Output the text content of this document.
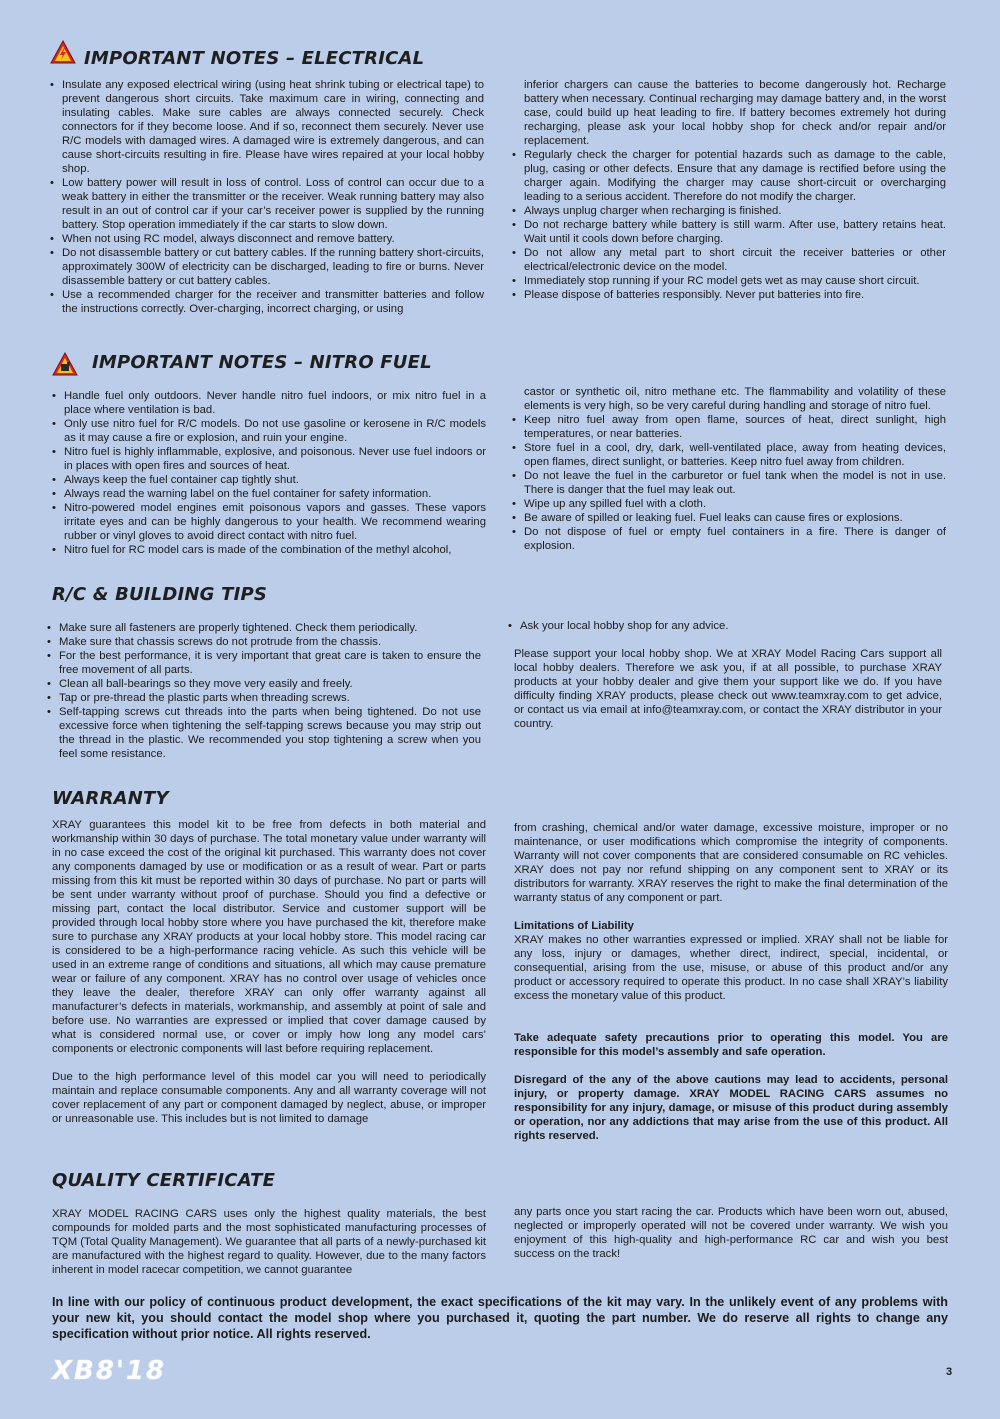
IMPORTANT NOTES – ELECTRICAL
• Insulate any exposed electrical wiring (using heat shrink tubing or electrical tape) to prevent dangerous short circuits. Take maximum care in wiring, connecting and insulating cables. Make sure cables are always connected securely. Check connectors for if they become loose. And if so, reconnect them securely. Never use R/C models with damaged wires. A damaged wire is extremely dangerous, and can cause short-circuits resulting in fire. Please have wires repaired at your local hobby shop.
• Low battery power will result in loss of control. Loss of control can occur due to a weak battery in either the transmitter or the receiver. Weak running battery may also result in an out of control car if your car’s receiver power is supplied by the running battery. Stop operation immediately if the car starts to slow down.
• When not using RC model, always disconnect and remove battery.
• Do not disassemble battery or cut battery cables. If the running battery short-circuits, approximately 300W of electricity can be discharged, leading to fire or burns. Never disassemble battery or cut battery cables.
• Use a recommended charger for the receiver and transmitter batteries and follow the instructions correctly. Over-charging, incorrect charging, or using
inferior chargers can cause the batteries to become dangerously hot. Recharge battery when necessary. Continual recharging may damage battery and, in the worst case, could build up heat leading to fire. If battery becomes extremely hot during recharging, please ask your local hobby shop for check and/or repair and/or replacement.
• Regularly check the charger for potential hazards such as damage to the cable, plug, casing or other defects. Ensure that any damage is rectified before using the charger again. Modifying the charger may cause short-circuit or overcharging leading to a serious accident. Therefore do not modify the charger.
• Always unplug charger when recharging is finished.
• Do not recharge battery while battery is still warm. After use, battery retains heat. Wait until it cools down before charging.
• Do not allow any metal part to short circuit the receiver batteries or other electrical/electronic device on the model.
• Immediately stop running if your RC model gets wet as may cause short circuit.
• Please dispose of batteries responsibly. Never put batteries into fire.
IMPORTANT NOTES – NITRO FUEL
• Handle fuel only outdoors. Never handle nitro fuel indoors, or mix nitro fuel in a place where ventilation is bad.
• Only use nitro fuel for R/C models. Do not use gasoline or kerosene in R/C models as it may cause a fire or explosion, and ruin your engine.
• Nitro fuel is highly inflammable, explosive, and poisonous. Never use fuel indoors or in places with open fires and sources of heat.
• Always keep the fuel container cap tightly shut.
• Always read the warning label on the fuel container for safety information.
• Nitro-powered model engines emit poisonous vapors and gasses. These vapors irritate eyes and can be highly dangerous to your health. We recommend wearing rubber or vinyl gloves to avoid direct contact with nitro fuel.
• Nitro fuel for RC model cars is made of the combination of the methyl alcohol,
castor or synthetic oil, nitro methane etc. The flammability and volatility of these elements is very high, so be very careful during handling and storage of nitro fuel.
• Keep nitro fuel away from open flame, sources of heat, direct sunlight, high temperatures, or near batteries.
• Store fuel in a cool, dry, dark, well-ventilated place, away from heating devices, open flames, direct sunlight, or batteries. Keep nitro fuel away from children.
• Do not leave the fuel in the carburetor or fuel tank when the model is not in use. There is danger that the fuel may leak out.
• Wipe up any spilled fuel with a cloth.
• Be aware of spilled or leaking fuel. Fuel leaks can cause fires or explosions.
• Do not dispose of fuel or empty fuel containers in a fire. There is danger of explosion.
R/C & BUILDING TIPS
• Make sure all fasteners are properly tightened. Check them periodically.
• Make sure that chassis screws do not protrude from the chassis.
• For the best performance, it is very important that great care is taken to ensure the free movement of all parts.
• Clean all ball-bearings so they move very easily and freely.
• Tap or pre-thread the plastic parts when threading screws.
• Self-tapping screws cut threads into the parts when being tightened. Do not use excessive force when tightening the self-tapping screws because you may strip out the thread in the plastic. We recommended you stop tightening a screw when you feel some resistance.
• Ask your local hobby shop for any advice.

Please support your local hobby shop. We at XRAY Model Racing Cars support all local hobby dealers. Therefore we ask you, if at all possible, to purchase XRAY products at your hobby dealer and give them your support like we do. If you have difficulty finding XRAY products, please check out www.teamxray.com to get advice, or contact us via email at info@teamxray.com, or contact the XRAY distributor in your country.

WARRANTY

XRAY guarantees this model kit to be free from defects in both material and workmanship within 30 days of purchase. The total monetary value under warranty will in no case exceed the cost of the original kit purchased. This warranty does not cover any components damaged by use or modification or as a result of wear. Part or parts missing from this kit must be reported within 30 days of purchase. No part or parts will be sent under warranty without proof of purchase. Should you find a defective or missing part, contact the local distributor. Service and customer support will be provided through local hobby store where you have purchased the kit, therefore make sure to purchase any XRAY products at your local hobby store. This model racing car is considered to be a high-performance racing vehicle. As such this vehicle will be used in an extreme range of conditions and situations, all which may cause premature wear or failure of any component. XRAY has no control over usage of vehicles once they leave the dealer, therefore XRAY can only offer warranty against all manufacturer’s defects in materials, workmanship, and assembly at point of sale and before use. No warranties are expressed or implied that cover damage caused by what is considered normal use, or cover or imply how long any model cars’ components or electronic components will last before requiring replacement.

Due to the high performance level of this model car you will need to periodically maintain and replace consumable components. Any and all warranty coverage will not cover replacement of any part or component damaged by neglect, abuse, or improper or unreasonable use. This includes but is not limited to damage

from crashing, chemical and/or water damage, excessive moisture, improper or no maintenance, or user modifications which compromise the integrity of components. Warranty will not cover components that are considered consumable on RC vehicles. XRAY does not pay nor refund shipping on any component sent to XRAY or its distributors for warranty. XRAY reserves the right to make the final determination of the warranty status of any component or part.

Limitations of Liability

XRAY makes no other warranties expressed or implied. XRAY shall not be liable for any loss, injury or damages, whether direct, indirect, special, incidental, or consequential, arising from the use, misuse, or abuse of this product and/or any product or accessory required to operate this product. In no case shall XRAY’s liability excess the monetary value of this product.

Take adequate safety precautions prior to operating this model. You are responsible for this model’s assembly and safe operation.

Disregard of the any of the above cautions may lead to accidents, personal injury, or property damage. XRAY MODEL RACING CARS assumes no responsibility for any injury, damage, or misuse of this product during assembly or operation, nor any addictions that may arise from the use of this product. All rights reserved.

QUALITY CERTIFICATE

XRAY MODEL RACING CARS uses only the highest quality materials, the best compounds for molded parts and the most sophisticated manufacturing processes of TQM (Total Quality Management). We guarantee that all parts of a newly-purchased kit are manufactured with the highest regard to quality. However, due to the many factors inherent in model racecar competition, we cannot guarantee

any parts once you start racing the car. Products which have been worn out, abused, neglected or improperly operated will not be covered under warranty. We wish you enjoyment of this high-quality and high-performance RC car and wish you best success on the track!

In line with our policy of continuous product development, the exact specifications of the kit may vary. In the unlikely event of any problems with your new kit, you should contact the model shop where you purchased it, quoting the part number. We do reserve all rights to change any specification without prior notice. All rights reserved.

XB8'18	3
